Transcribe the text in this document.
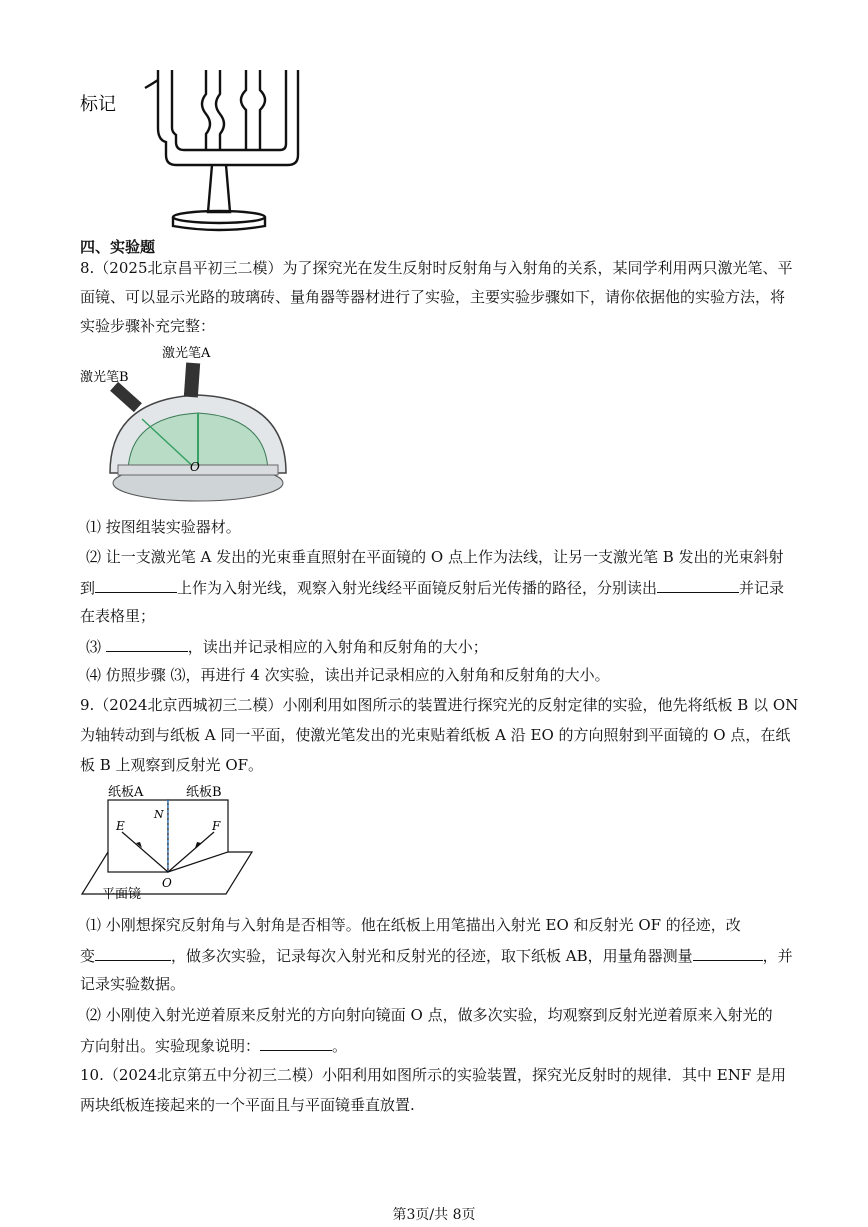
标记
四、实验题
8.（2025北京昌平初三二模）为了探究光在发生反射时反射角与入射角的关系，某同学利用两只激光笔、平
面镜、可以显示光路的玻璃砖、量角器等器材进行了实验，主要实验步骤如下，请你依据他的实验方法，将
实验步骤补充完整：
激光笔A
激光笔B
O
⑴ 按图组装实验器材。
⑵ 让一支激光笔 A 发出的光束垂直照射在平面镜的 O 点上作为法线，让另一支激光笔 B 发出的光束斜射
到	上作为入射光线，观察入射光线经平面镜反射后光传播的路径，分别读出	并记录
在表格里；
⑶	，读出并记录相应的入射角和反射角的大小；
⑷ 仿照步骤 ⑶，再进行 4 次实验，读出并记录相应的入射角和反射角的大小。
9.（2024北京西城初三二模）小刚利用如图所示的装置进行探究光的反射定律的实验，他先将纸板 B 以 ON
为轴转动到与纸板 A 同一平面，使激光笔发出的光束贴着纸板 A 沿 EO 的方向照射到平面镜的 O 点，在纸
板 B 上观察到反射光 OF。
纸板A	纸板B
E
N
F
O
平面镜
⑴ 小刚想探究反射角与入射角是否相等。他在纸板上用笔描出入射光 EO 和反射光 OF 的径迹，改
变	，做多次实验，记录每次入射光和反射光的径迹，取下纸板 AB，用量角器测量	，并
记录实验数据。
⑵ 小刚使入射光逆着原来反射光的方向射向镜面 O 点，做多次实验，均观察到反射光逆着原来入射光的
方向射出。实验现象说明：	。
10.（2024北京第五中分初三二模）小阳利用如图所示的实验装置，探究光反射时的规律．其中 ENF 是用
两块纸板连接起来的一个平面且与平面镜垂直放置.
第3页/共 8页
